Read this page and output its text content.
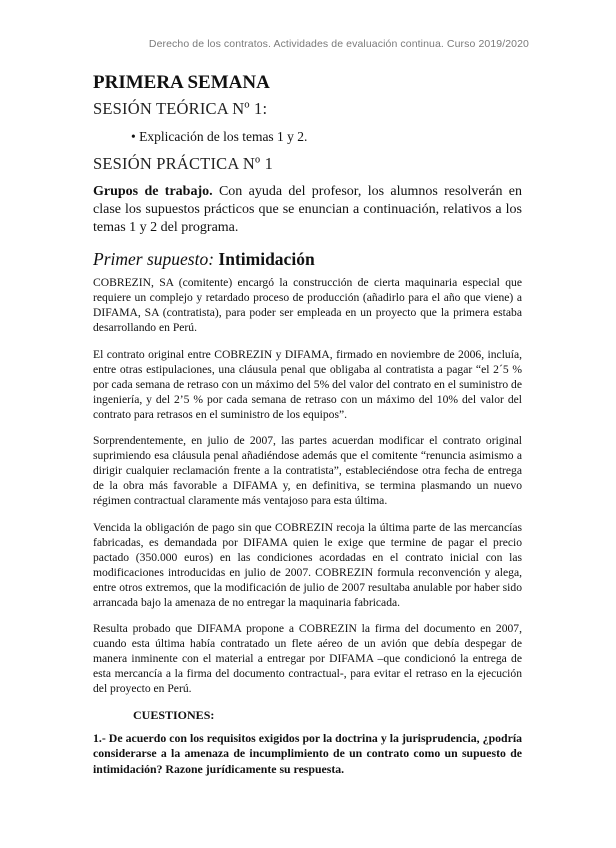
Derecho de los contratos. Actividades de evaluación continua. Curso 2019/2020
PRIMERA SEMANA
SESIÓN TEÓRICA Nº 1:
• Explicación de los temas 1 y 2.
SESIÓN PRÁCTICA Nº 1
Grupos de trabajo. Con ayuda del profesor, los alumnos resolverán en clase los supuestos prácticos que se enuncian a continuación, relativos a los temas 1 y 2 del programa.
Primer supuesto: Intimidación

COBREZIN, SA (comitente) encargó la construcción de cierta maquinaria especial que requiere un complejo y retardado proceso de producción (añadirlo para el año que viene) a DIFAMA, SA (contratista), para poder ser empleada en un proyecto que la primera estaba desarrollando en Perú.

El contrato original entre COBREZIN y DIFAMA, firmado en noviembre de 2006, incluía, entre otras estipulaciones, una cláusula penal que obligaba al contratista a pagar “el 2´5 % por cada semana de retraso con un máximo del 5% del valor del contrato en el suministro de ingeniería, y del 2’5 % por cada semana de retraso con un máximo del 10% del valor del contrato para retrasos en el suministro de los equipos”.

Sorprendentemente, en julio de 2007, las partes acuerdan modificar el contrato original suprimiendo esa cláusula penal añadiéndose además que el comitente “renuncia asimismo a dirigir cualquier reclamación frente a la contratista”, estableciéndose otra fecha de entrega de la obra más favorable a DIFAMA y, en definitiva, se termina plasmando un nuevo régimen contractual claramente más ventajoso para esta última.

Vencida la obligación de pago sin que COBREZIN recoja la última parte de las mercancías fabricadas, es demandada por DIFAMA quien le exige que termine de pagar el precio pactado (350.000 euros) en las condiciones acordadas en el contrato inicial con las modificaciones introducidas en julio de 2007. COBREZIN formula reconvención y alega, entre otros extremos, que la modificación de julio de 2007 resultaba anulable por haber sido arrancada bajo la amenaza de no entregar la maquinaria fabricada.

Resulta probado que DIFAMA propone a COBREZIN la firma del documento en 2007, cuando esta última había contratado un flete aéreo de un avión que debía despegar de manera inminente con el material a entregar por DIFAMA –que condicionó la entrega de esta mercancía a la firma del documento contractual-, para evitar el retraso en la ejecución del proyecto en Perú.

CUESTIONES:

1.- De acuerdo con los requisitos exigidos por la doctrina y la jurisprudencia, ¿podría considerarse a la amenaza de incumplimiento de un contrato como un supuesto de intimidación? Razone jurídicamente su respuesta.
